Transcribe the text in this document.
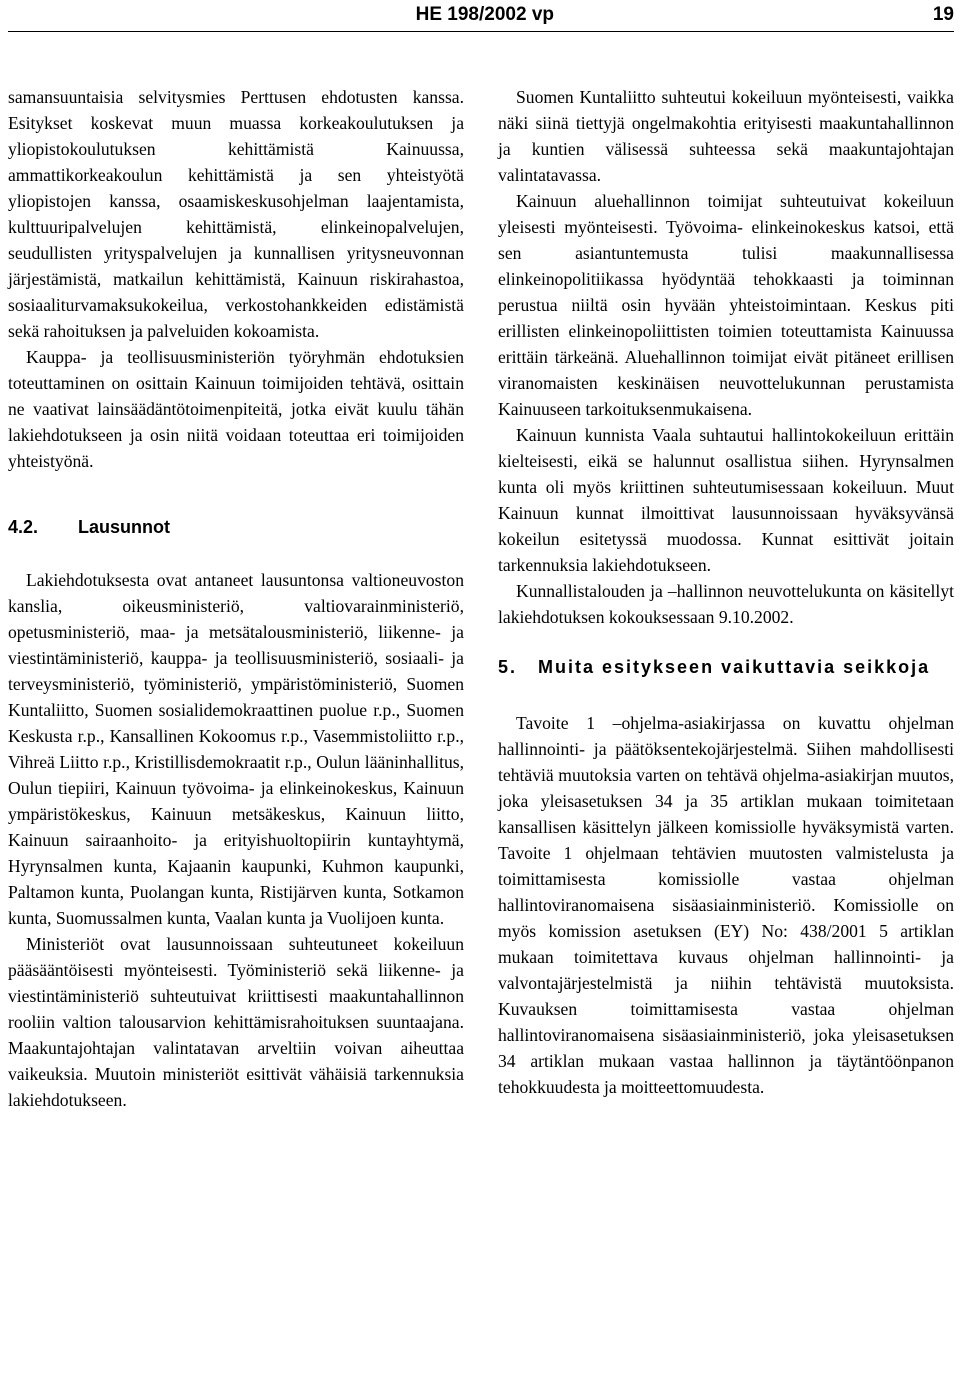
HE 198/2002 vp	19

samansuuntaisia selvitysmies Perttusen ehdotusten kanssa. Esitykset koskevat muun muassa korkeakoulutuksen ja yliopistokoulutuksen kehittämistä Kainuussa, ammattikorkeakoulun kehittämistä ja sen yhteistyötä yliopistojen kanssa, osaamiskeskusohjelman laajentamista, kulttuuripalvelujen kehittämistä, elinkeinopalvelujen, seudullisten yrityspalvelujen ja kunnallisen yritysneuvonnan järjestämistä, matkailun kehittämistä, Kainuun riskirahastoa, sosiaaliturvamaksukokeilua, verkostohankkeiden edistämistä sekä rahoituksen ja palveluiden kokoamista.

Kauppa- ja teollisuusministeriön työryhmän ehdotuksien toteuttaminen on osittain Kainuun toimijoiden tehtävä, osittain ne vaativat lainsäädäntötoimenpiteitä, jotka eivät kuulu tähän lakiehdotukseen ja osin niitä voidaan toteuttaa eri toimijoiden yhteistyönä.

4.2. Lausunnot

Lakiehdotuksesta ovat antaneet lausuntonsa valtioneuvoston kanslia, oikeusministeriö, valtiovarainministeriö, opetusministeriö, maa- ja metsätalousministeriö, liikenne- ja viestintäministeriö, kauppa- ja teollisuusministeriö, sosiaali- ja terveysministeriö, työministeriö, ympäristöministeriö, Suomen Kuntaliitto, Suomen sosialidemokraattinen puolue r.p., Suomen Keskusta r.p., Kansallinen Kokoomus r.p., Vasemmistoliitto r.p., Vihreä Liitto r.p., Kristillisdemokraatit r.p., Oulun lääninhallitus, Oulun tiepiiri, Kainuun työvoima- ja elinkeinokeskus, Kainuun ympäristökeskus, Kainuun metsäkeskus, Kainuun liitto, Kainuun sairaanhoito- ja erityishuoltopiirin kuntayhtymä, Hyrynsalmen kunta, Kajaanin kaupunki, Kuhmon kaupunki, Paltamon kunta, Puolangan kunta, Ristijärven kunta, Sotkamon kunta, Suomussalmen kunta, Vaalan kunta ja Vuolijoen kunta.

Ministeriöt ovat lausunnoissaan suhteutuneet kokeiluun pääsääntöisesti myönteisesti. Työministeriö sekä liikenne- ja viestintäministeriö suhteutuivat kriittisesti maakuntahallinnon rooliin valtion talousarvion kehittämisrahoituksen suuntaajana. Maakuntajohtajan valintatavan arveltiin voivan aiheuttaa vaikeuksia. Muutoin ministeriöt esittivät vähäisiä tarkennuksia lakiehdotukseen.

Suomen Kuntaliitto suhteutui kokeiluun myönteisesti, vaikka näki siinä tiettyjä ongelmakohtia erityisesti maakuntahallinnon ja kuntien välisessä suhteessa sekä maakuntajohtajan valintatavassa.

Kainuun aluehallinnon toimijat suhteutuivat kokeiluun yleisesti myönteisesti. Työvoima- elinkeinokeskus katsoi, että sen asiantuntemusta tulisi maakunnallisessa elinkeinopolitiikassa hyödyntää tehokkaasti ja toiminnan perustua niiltä osin hyvään yhteistoimintaan. Keskus piti erillisten elinkeinopoliittisten toimien toteuttamista Kainuussa erittäin tärkeänä. Aluehallinnon toimijat eivät pitäneet erillisen viranomaisten keskinäisen neuvottelukunnan perustamista Kainuuseen tarkoituksenmukaisena.

Kainuun kunnista Vaala suhtautui hallintokokeiluun erittäin kielteisesti, eikä se halunnut osallistua siihen. Hyrynsalmen kunta oli myös kriittinen suhteutumisessaan kokeiluun. Muut Kainuun kunnat ilmoittivat lausunnoissaan hyväksyvänsä kokeilun esitetyssä muodossa. Kunnat esittivät joitain tarkennuksia lakiehdotukseen.

Kunnallistalouden ja –hallinnon neuvottelukunta on käsitellyt lakiehdotuksen kokouksessaan 9.10.2002.

5. Muita esitykseen vaikuttavia seikkoja

Tavoite 1 –ohjelma-asiakirjassa on kuvattu ohjelman hallinnointi- ja päätöksentekojärjestelmä. Siihen mahdollisesti tehtäviä muutoksia varten on tehtävä ohjelma-asiakirjan muutos, joka yleisasetuksen 34 ja 35 artiklan mukaan toimitetaan kansallisen käsittelyn jälkeen komissiolle hyväksymistä varten. Tavoite 1 ohjelmaan tehtävien muutosten valmistelusta ja toimittamisesta komissiolle vastaa ohjelman hallintoviranomaisena sisäasiainministeriö. Komissiolle on myös komission asetuksen (EY) No: 438/2001 5 artiklan mukaan toimitettava kuvaus ohjelman hallinnointi- ja valvontajärjestelmistä ja niihin tehtävistä muutoksista. Kuvauksen toimittamisesta vastaa ohjelman hallintoviranomaisena sisäasiainministeriö, joka yleisasetuksen 34 artiklan mukaan vastaa hallinnon ja täytäntöönpanon tehokkuudesta ja moitteettomuudesta.
